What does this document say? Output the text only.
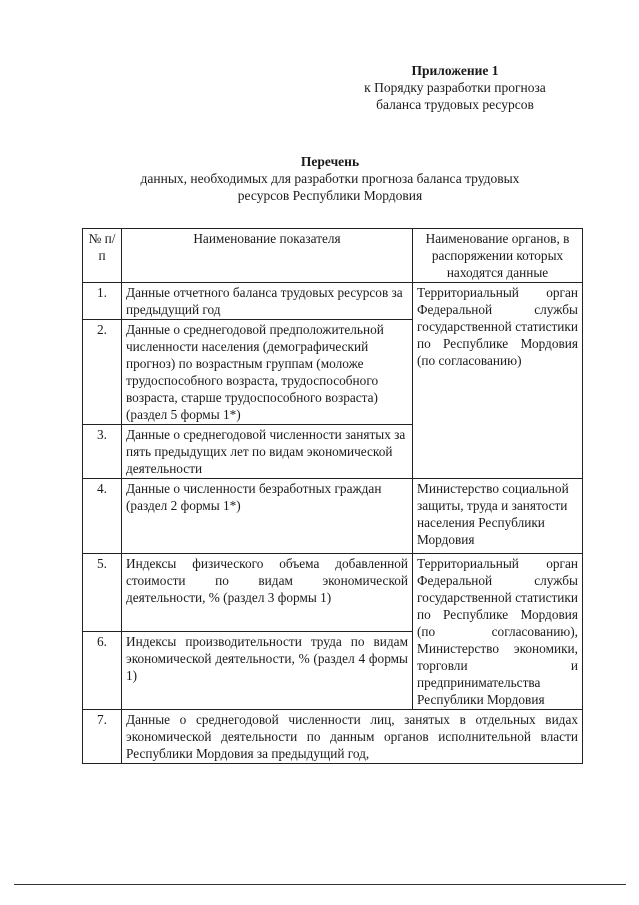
Приложение 1
к Порядку разработки прогноза
баланса трудовых ресурсов
Перечень
данных, необходимых для разработки прогноза баланса трудовых
ресурсов Республики Мордовия
№ п/п	Наименование показателя	Наименование органов, в распоряжении которых находятся данные
1.	Данные отчетного баланса трудовых ресурсов за предыдущий год	Территориальный орган Федеральной службы государственной статистики по Республике Мордовия (по согласованию)
2.	Данные о среднегодовой предположительной численности населения (демографический прогноз) по возрастным группам (моложе трудоспособного возраста, трудоспособного возраста, старше трудоспособного возраста) (раздел 5 формы 1*)	
3.	Данные о среднегодовой численности занятых за пять предыдущих лет по видам экономической деятельности	
4.	Данные о численности безработных граждан (раздел 2 формы 1*)	Министерство социальной защиты, труда и занятости населения Республики Мордовия
5.	Индексы физического объема добавленной стоимости по видам экономической деятельности, % (раздел 3 формы 1)	Территориальный орган Федеральной службы государственной статистики по Республике Мордовия (по согласованию), Министерство экономики, торговли и предпринимательства Республики Мордовия
6.	Индексы производительности труда по видам экономической деятельности, % (раздел 4 формы 1)	
7.	Данные о среднегодовой численности лиц, занятых в отдельных видах экономической деятельности по данным органов исполнительной власти Республики Мордовия за предыдущий год,	
